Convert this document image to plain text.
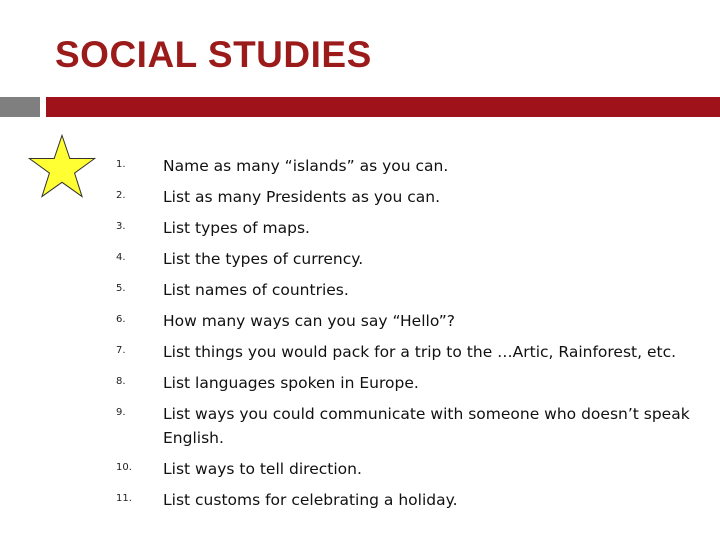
SOCIAL STUDIES
1.	Name as many “islands” as you can.
2.	List as many Presidents as you can.
3.	List types of maps.
4.	List the types of currency.
5.	List names of countries.
6.	How many ways can you say “Hello”?
7.	List things you would pack for a trip to the …Artic, Rainforest, etc.
8.	List languages spoken in Europe.
9.	List ways you could communicate with someone who doesn’t speak English.
10.	List ways to tell direction.
11.	List customs for celebrating a holiday.
